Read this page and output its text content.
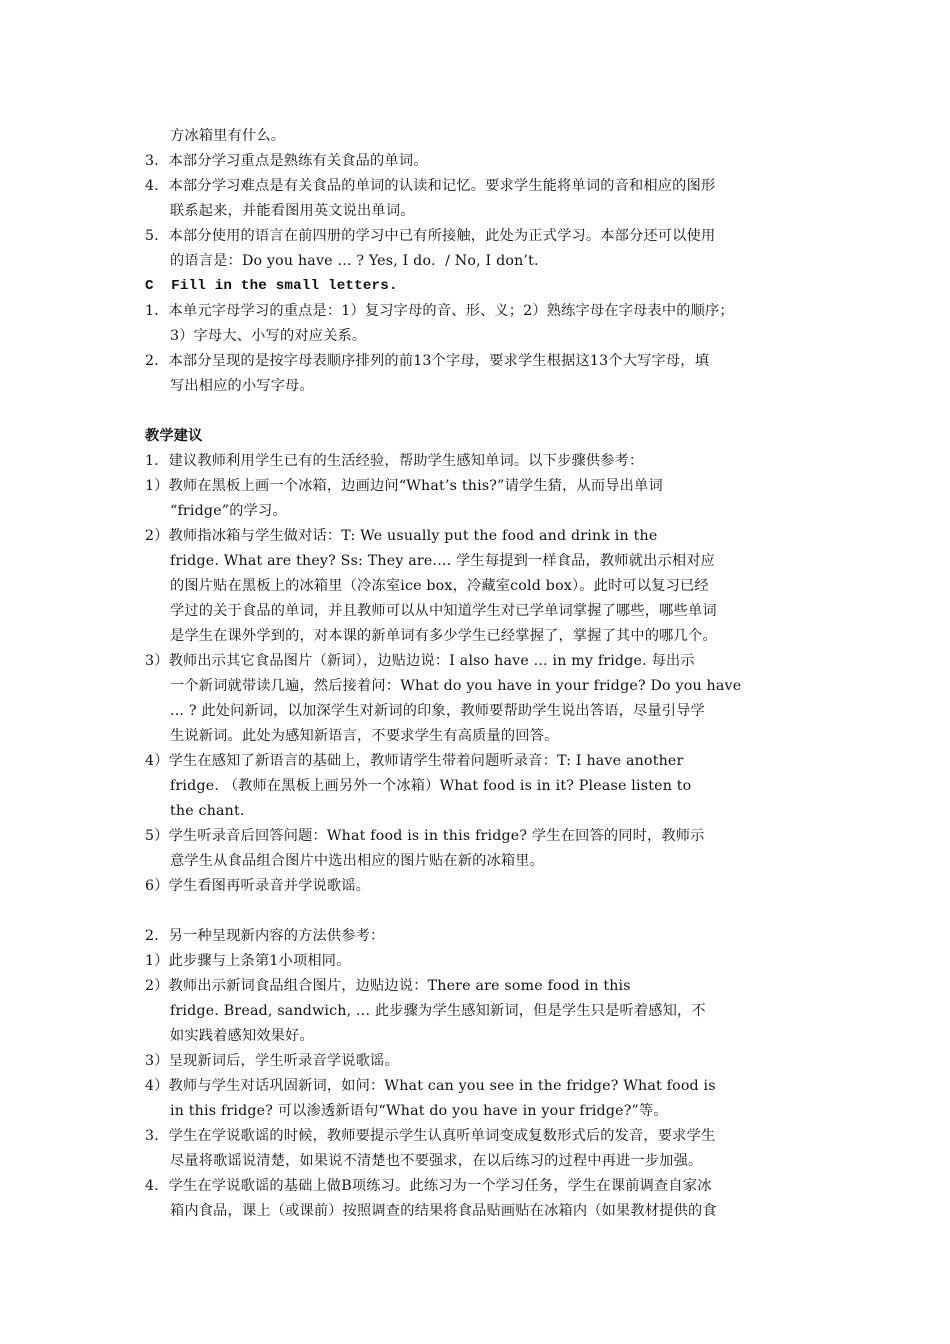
方冰箱里有什么。
3．本部分学习重点是熟练有关食品的单词。
4．本部分学习难点是有关食品的单词的认读和记忆。要求学生能将单词的音和相应的图形
联系起来，并能看图用英文说出单词。
5．本部分使用的语言在前四册的学习中已有所接触，此处为正式学习。本部分还可以使用
的语言是：Do you have ... ? Yes, I do.  / No, I don’t.
C  Fill in the small letters.
1．本单元字母学习的重点是：1）复习字母的音、形、义；2）熟练字母在字母表中的顺序；
3）字母大、小写的对应关系。
2．本部分呈现的是按字母表顺序排列的前13个字母，要求学生根据这13个大写字母，填
写出相应的小写字母。
教学建议
1．建议教师利用学生已有的生活经验，帮助学生感知单词。以下步骤供参考：
1）教师在黑板上画一个冰箱，边画边问“What’s this?”请学生猜，从而导出单词
“fridge”的学习。
2）教师指冰箱与学生做对话：T: We usually put the food and drink in the
fridge. What are they? Ss: They are.... 学生每提到一样食品，教师就出示相对应
的图片贴在黑板上的冰箱里（冷冻室ice box，冷藏室cold box）。此时可以复习已经
学过的关于食品的单词，并且教师可以从中知道学生对已学单词掌握了哪些，哪些单词
是学生在课外学到的，对本课的新单词有多少学生已经掌握了，掌握了其中的哪几个。
3）教师出示其它食品图片（新词），边贴边说：I also have ... in my fridge. 每出示
一个新词就带读几遍，然后接着问：What do you have in your fridge? Do you have
... ? 此处问新词，以加深学生对新词的印象，教师要帮助学生说出答语，尽量引导学
生说新词。此处为感知新语言，不要求学生有高质量的回答。
4）学生在感知了新语言的基础上，教师请学生带着问题听录音：T: I have another
fridge. （教师在黑板上画另外一个冰箱）What food is in it? Please listen to
the chant.
5）学生听录音后回答问题：What food is in this fridge? 学生在回答的同时，教师示
意学生从食品组合图片中选出相应的图片贴在新的冰箱里。
6）学生看图再听录音并学说歌谣。
2．另一种呈现新内容的方法供参考：
1）此步骤与上条第1小项相同。
2）教师出示新词食品组合图片，边贴边说：There are some food in this
fridge. Bread, sandwich, ... 此步骤为学生感知新词，但是学生只是听着感知，不
如实践着感知效果好。
3）呈现新词后，学生听录音学说歌谣。
4）教师与学生对话巩固新词，如问：What can you see in the fridge? What food is
in this fridge? 可以渗透新语句“What do you have in your fridge?”等。
3．学生在学说歌谣的时候，教师要提示学生认真听单词变成复数形式后的发音，要求学生
尽量将歌谣说清楚，如果说不清楚也不要强求，在以后练习的过程中再进一步加强。
4．学生在学说歌谣的基础上做B项练习。此练习为一个学习任务，学生在课前调查自家冰
箱内食品，课上（或课前）按照调查的结果将食品贴画贴在冰箱内（如果教材提供的食
